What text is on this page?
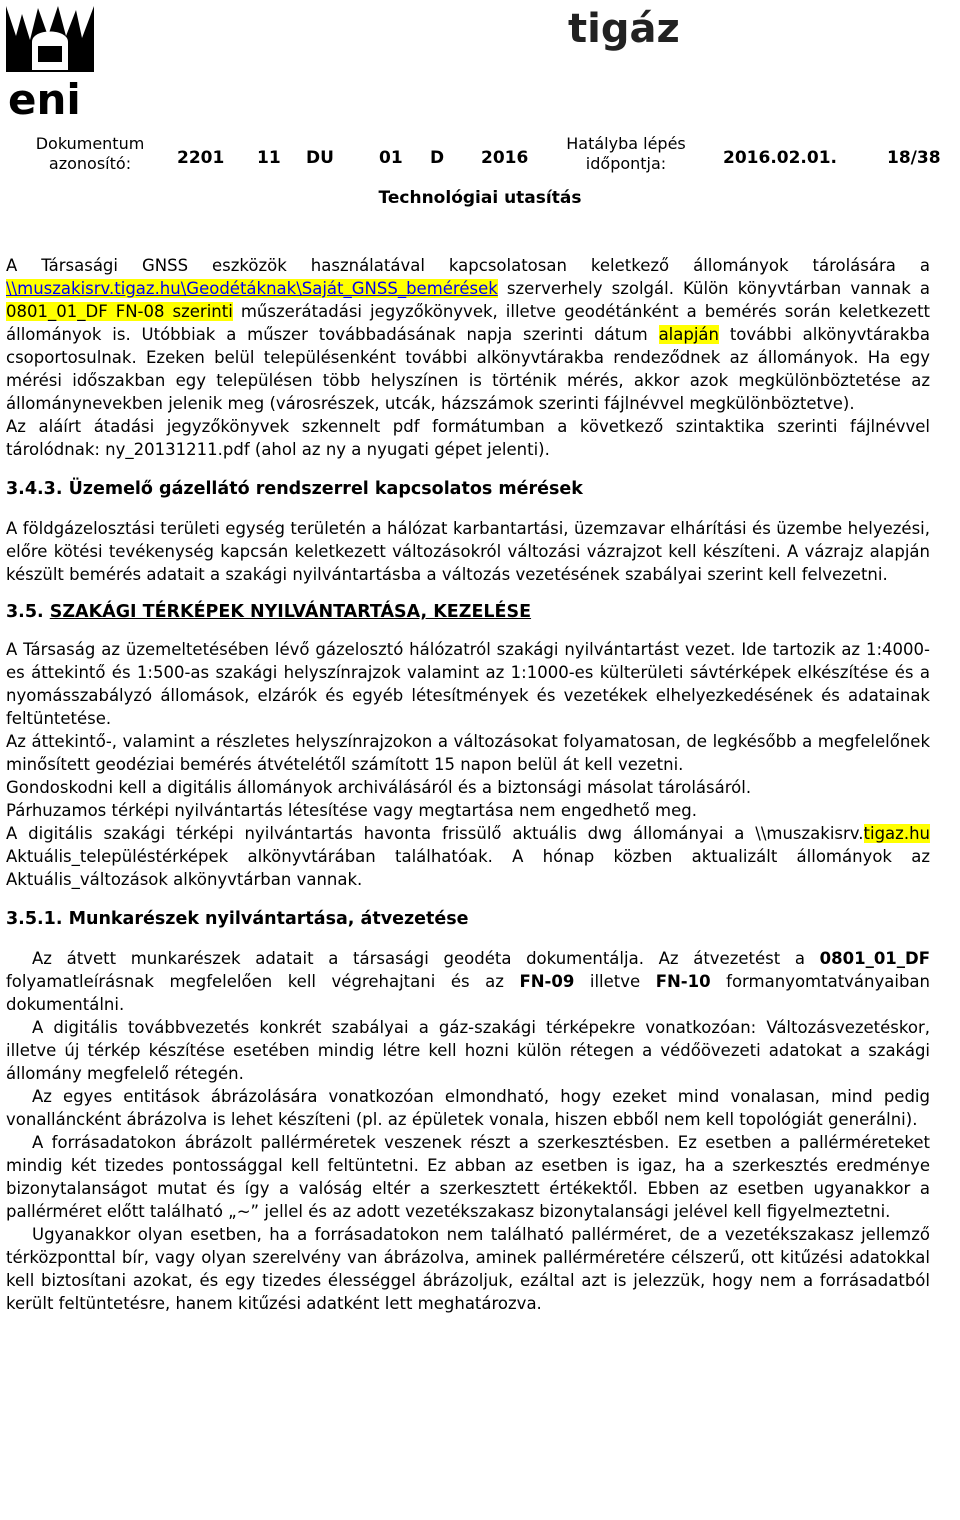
eni
tigáz
Dokumentum
azonosító:	2201 11 DU	01 D 2016
Hatályba lépés
időpontja:	2016.02.01.	18/38
Technológiai utasítás

A Társasági GNSS eszközök használatával kapcsolatosan keletkező állományok tárolására a \\muszakisrv.tigaz.hu\Geodétáknak\Saját_GNSS_bemérések szerverhely szolgál. Külön könyvtárban vannak a 0801_01_DF FN-08 szerinti műszerátadási jegyzőkönyvek, illetve geodétánként a bemérés során keletkezett állományok is. Utóbbiak a műszer továbbadásának napja szerinti dátum alapján további alkönyvtárakba csoportosulnak. Ezeken belül településenként további alkönyvtárakba rendeződnek az állományok. Ha egy mérési időszakban egy településen több helyszínen is történik mérés, akkor azok megkülönböztetése az állománynevekben jelenik meg (városrészek, utcák, házszámok szerinti fájlnévvel megkülönböztetve).

Az aláírt átadási jegyzőkönyvek szkennelt pdf formátumban a következő szintaktika szerinti fájlnévvel tárolódnak: ny_20131211.pdf (ahol az ny a nyugati gépet jelenti).

3.4.3. Üzemelő gázellátó rendszerrel kapcsolatos mérések

A földgázelosztási területi egység területén a hálózat karbantartási, üzemzavar elhárítási és üzembe helyezési, előre kötési tevékenység kapcsán keletkezett változásokról változási vázrajzot kell készíteni. A vázrajz alapján készült bemérés adatait a szakági nyilvántartásba a változás vezetésének szabályai szerint kell felvezetni.

3.5. SZAKÁGI TÉRKÉPEK NYILVÁNTARTÁSA, KEZELÉSE

A Társaság az üzemeltetésében lévő gázelosztó hálózatról szakági nyilvántartást vezet. Ide tartozik az 1:4000-es áttekintő és 1:500-as szakági helyszínrajzok valamint az 1:1000-es külterületi sávtérképek elkészítése és a nyomásszabályzó állomások, elzárók és egyéb létesítmények és vezetékek elhelyezkedésének és adatainak feltüntetése.

Az áttekintő-, valamint a részletes helyszínrajzokon a változásokat folyamatosan, de legkésőbb a megfelelőnek minősített geodéziai bemérés átvételétől számított 15 napon belül át kell vezetni.

Gondoskodni kell a digitális állományok archiválásáról és a biztonsági másolat tárolásáról.

Párhuzamos térképi nyilvántartás létesítése vagy megtartása nem engedhető meg.

A digitális szakági térképi nyilvántartás havonta frissülő aktuális dwg állományai a \\muszakisrv.tigaz.hu Aktuális_településtérképek alkönyvtárában találhatóak. A hónap közben aktualizált állományok az Aktuális_változások alkönyvtárban vannak.

3.5.1. Munkarészek nyilvántartása, átvezetése

Az átvett munkarészek adatait a társasági geodéta dokumentálja. Az átvezetést a 0801_01_DF folyamatleírásnak megfelelően kell végrehajtani és az FN-09 illetve FN-10 formanyomtatványaiban dokumentálni.

A digitális továbbvezetés konkrét szabályai a gáz-szakági térképekre vonatkozóan: Változásvezetéskor, illetve új térkép készítése esetében mindig létre kell hozni külön rétegen a védőövezeti adatokat a szakági állomány megfelelő rétegén.

Az egyes entitások ábrázolására vonatkozóan elmondható, hogy ezeket mind vonalasan, mind pedig vonalláncként ábrázolva is lehet készíteni (pl. az épületek vonala, hiszen ebből nem kell topológiát generálni).

A forrásadatokon ábrázolt pallérméretek veszenek részt a szerkesztésben. Ez esetben a pallérméreteket mindig két tizedes pontossággal kell feltüntetni. Ez abban az esetben is igaz, ha a szerkesztés eredménye bizonytalanságot mutat és így a valóság eltér a szerkesztett értékektől. Ebben az esetben ugyanakkor a pallérméret előtt található „~” jellel és az adott vezetékszakasz bizonytalansági jelével kell figyelmeztetni.

Ugyanakkor olyan esetben, ha a forrásadatokon nem található pallérméret, de a vezetékszakasz jellemző térközponttal bír, vagy olyan szerelvény van ábrázolva, aminek pallérméretére célszerű, ott kitűzési adatokkal kell biztosítani azokat, és egy tizedes élességgel ábrázoljuk, ezáltal azt is jelezzük, hogy nem a forrásadatból került feltüntetésre, hanem kitűzési adatként lett meghatározva.
